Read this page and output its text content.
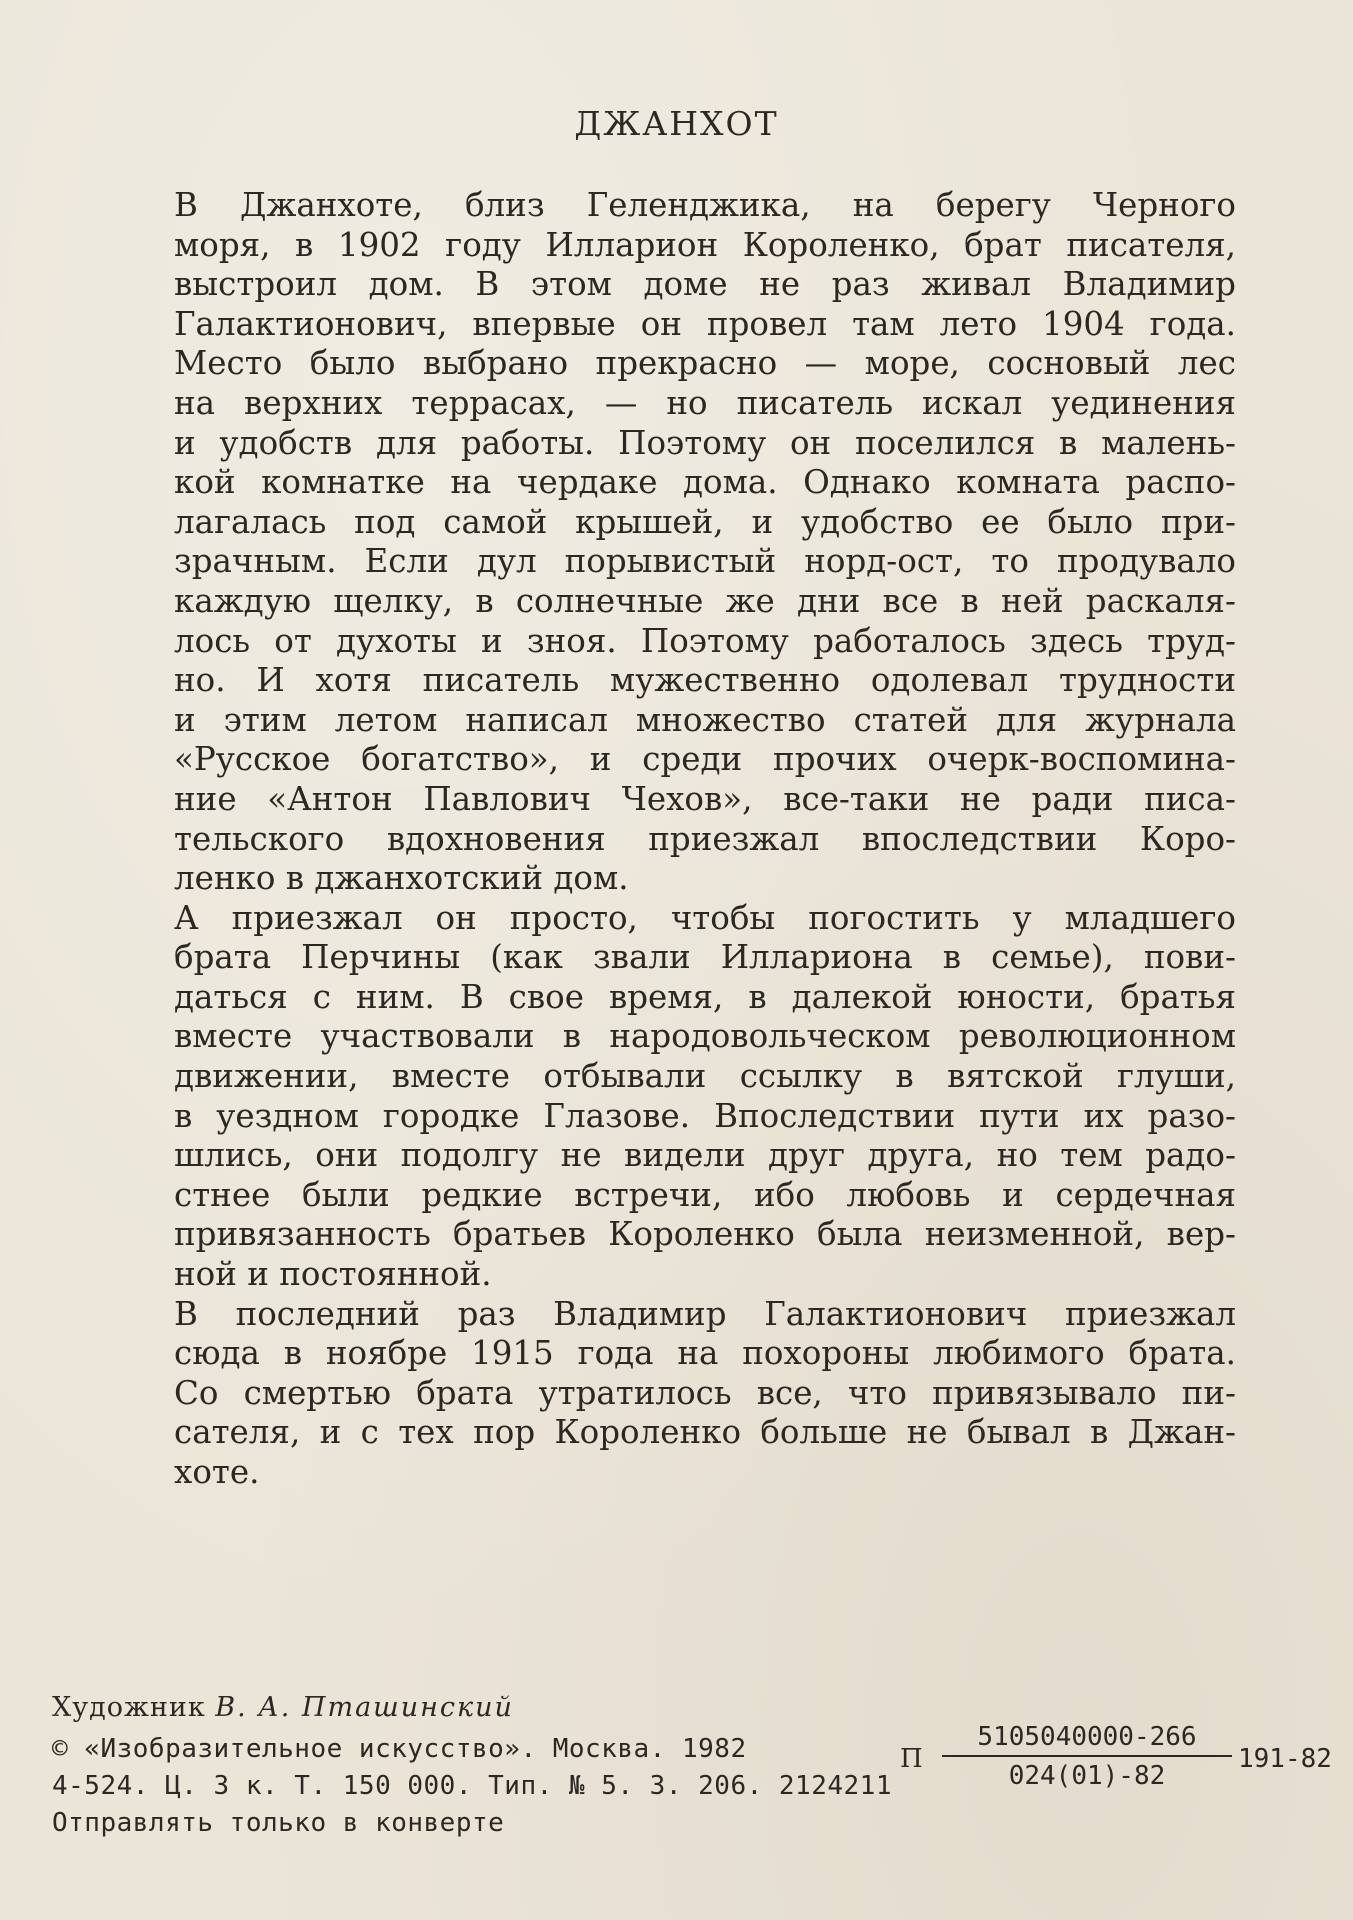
ДЖАНХОТ
В Джанхоте, близ Геленджика, на берегу Черного
моря, в 1902 году Илларион Короленко, брат писателя,
выстроил дом. В этом доме не раз живал Владимир
Галактионович, впервые он провел там лето 1904 года.
Место было выбрано прекрасно — море, сосновый лес
на верхних террасах, — но писатель искал уединения
и удобств для работы. Поэтому он поселился в малень-
кой комнатке на чердаке дома. Однако комната распо-
лагалась под самой крышей, и удобство ее было при-
зрачным. Если дул порывистый норд-ост, то продувало
каждую щелку, в солнечные же дни все в ней раскаля-
лось от духоты и зноя. Поэтому работалось здесь труд-
но. И хотя писатель мужественно одолевал трудности
и этим летом написал множество статей для журнала
«Русское богатство», и среди прочих очерк-воспомина-
ние «Антон Павлович Чехов», все-таки не ради писа-
тельского вдохновения приезжал впоследствии Коро-
ленко в джанхотский дом.
А приезжал он просто, чтобы погостить у младшего
брата Перчины (как звали Иллариона в семье), пови-
даться с ним. В свое время, в далекой юности, братья
вместе участвовали в народовольческом революционном
движении, вместе отбывали ссылку в вятской глуши,
в уездном городке Глазове. Впоследствии пути их разо-
шлись, они подолгу не видели друг друга, но тем радо-
стнее были редкие встречи, ибо любовь и сердечная
привязанность братьев Короленко была неизменной, вер-
ной и постоянной.
В последний раз Владимир Галактионович приезжал
сюда в ноябре 1915 года на похороны любимого брата.
Со смертью брата утратилось все, что привязывало пи-
сателя, и с тех пор Короленко больше не бывал в Джан-
хоте.
Художник В. А. Пташинский
© «Изобразительное искусство». Москва. 1982
4-524. Ц. 3 к. Т. 150 000. Тип. № 5. З. 206. 2124211
Отправлять только в конверте
П $\frac{5105040000-266}{024(01)-82} 191-82$
